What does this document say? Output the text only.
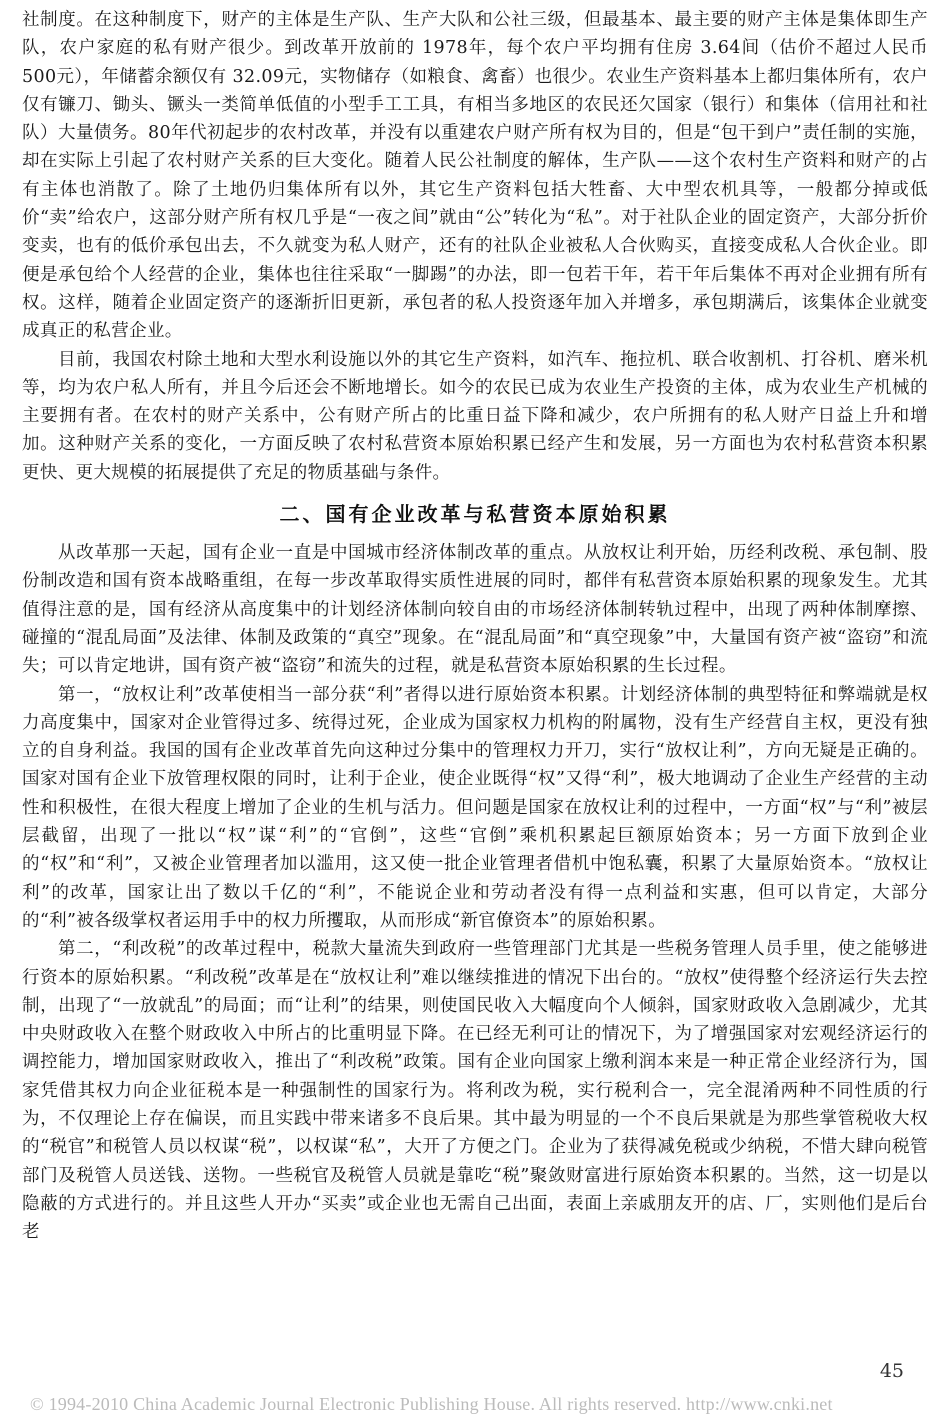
社制度。在这种制度下，财产的主体是生产队、生产大队和公社三级，但最基本、最主要的财产主体是集体即生产队，农户家庭的私有财产很少。到改革开放前的 1978年，每个农户平均拥有住房 3.64间（估价不超过人民币 500元），年储蓄余额仅有 32.09元，实物储存（如粮食、禽畜）也很少。农业生产资料基本上都归集体所有，农户仅有镰刀、锄头、镢头一类简单低值的小型手工工具，有相当多地区的农民还欠国家（银行）和集体（信用社和社队）大量债务。80年代初起步的农村改革，并没有以重建农户财产所有权为目的，但是“包干到户”责任制的实施，却在实际上引起了农村财产关系的巨大变化。随着人民公社制度的解体，生产队——这个农村生产资料和财产的占有主体也消散了。除了土地仍归集体所有以外，其它生产资料包括大牲畜、大中型农机具等，一般都分掉或低价“卖”给农户，这部分财产所有权几乎是“一夜之间”就由“公”转化为“私”。对于社队企业的固定资产，大部分折价变卖，也有的低价承包出去，不久就变为私人财产，还有的社队企业被私人合伙购买，直接变成私人合伙企业。即便是承包给个人经营的企业，集体也往往采取“一脚踢”的办法，即一包若干年，若干年后集体不再对企业拥有所有权。这样，随着企业固定资产的逐渐折旧更新，承包者的私人投资逐年加入并增多，承包期满后，该集体企业就变成真正的私营企业。

目前，我国农村除土地和大型水利设施以外的其它生产资料，如汽车、拖拉机、联合收割机、打谷机、磨米机等，均为农户私人所有，并且今后还会不断地增长。如今的农民已成为农业生产投资的主体，成为农业生产机械的主要拥有者。在农村的财产关系中，公有财产所占的比重日益下降和减少，农户所拥有的私人财产日益上升和增加。这种财产关系的变化，一方面反映了农村私营资本原始积累已经产生和发展，另一方面也为农村私营资本积累更快、更大规模的拓展提供了充足的物质基础与条件。

二、国有企业改革与私营资本原始积累

从改革那一天起，国有企业一直是中国城市经济体制改革的重点。从放权让利开始，历经利改税、承包制、股份制改造和国有资本战略重组，在每一步改革取得实质性进展的同时，都伴有私营资本原始积累的现象发生。尤其值得注意的是，国有经济从高度集中的计划经济体制向较自由的市场经济体制转轨过程中，出现了两种体制摩擦、碰撞的“混乱局面”及法律、体制及政策的“真空”现象。在“混乱局面”和“真空现象”中，大量国有资产被“盗窃”和流失；可以肯定地讲，国有资产被“盗窃”和流失的过程，就是私营资本原始积累的生长过程。

第一，“放权让利”改革使相当一部分获“利”者得以进行原始资本积累。计划经济体制的典型特征和弊端就是权力高度集中，国家对企业管得过多、统得过死，企业成为国家权力机构的附属物，没有生产经营自主权，更没有独立的自身利益。我国的国有企业改革首先向这种过分集中的管理权力开刀，实行“放权让利”，方向无疑是正确的。国家对国有企业下放管理权限的同时，让利于企业，使企业既得“权”又得“利”，极大地调动了企业生产经营的主动性和积极性，在很大程度上增加了企业的生机与活力。但问题是国家在放权让利的过程中，一方面“权”与“利”被层层截留，出现了一批以“权”谋“利”的“官倒”，这些“官倒”乘机积累起巨额原始资本；另一方面下放到企业的“权”和“利”，又被企业管理者加以滥用，这又使一批企业管理者借机中饱私囊，积累了大量原始资本。“放权让利”的改革，国家让出了数以千亿的“利”，不能说企业和劳动者没有得一点利益和实惠，但可以肯定，大部分的“利”被各级掌权者运用手中的权力所攫取，从而形成“新官僚资本”的原始积累。

第二，“利改税”的改革过程中，税款大量流失到政府一些管理部门尤其是一些税务管理人员手里，使之能够进行资本的原始积累。“利改税”改革是在“放权让利”难以继续推进的情况下出台的。“放权”使得整个经济运行失去控制，出现了“一放就乱”的局面；而“让利”的结果，则使国民收入大幅度向个人倾斜，国家财政收入急剧减少，尤其中央财政收入在整个财政收入中所占的比重明显下降。在已经无利可让的情况下，为了增强国家对宏观经济运行的调控能力，增加国家财政收入，推出了“利改税”政策。国有企业向国家上缴利润本来是一种正常企业经济行为，国家凭借其权力向企业征税本是一种强制性的国家行为。将利改为税，实行税利合一，完全混淆两种不同性质的行为，不仅理论上存在偏误，而且实践中带来诸多不良后果。其中最为明显的一个不良后果就是为那些掌管税收大权的“税官”和税管人员以权谋“税”，以权谋“私”，大开了方便之门。企业为了获得减免税或少纳税，不惜大肆向税管部门及税管人员送钱、送物。一些税官及税管人员就是靠吃“税”聚敛财富进行原始资本积累的。当然，这一切是以隐蔽的方式进行的。并且这些人开办“买卖”或企业也无需自己出面，表面上亲戚朋友开的店、厂，实则他们是后台老

45
© 1994-2010 China Academic Journal Electronic Publishing House. All rights reserved. http://www.cnki.net
